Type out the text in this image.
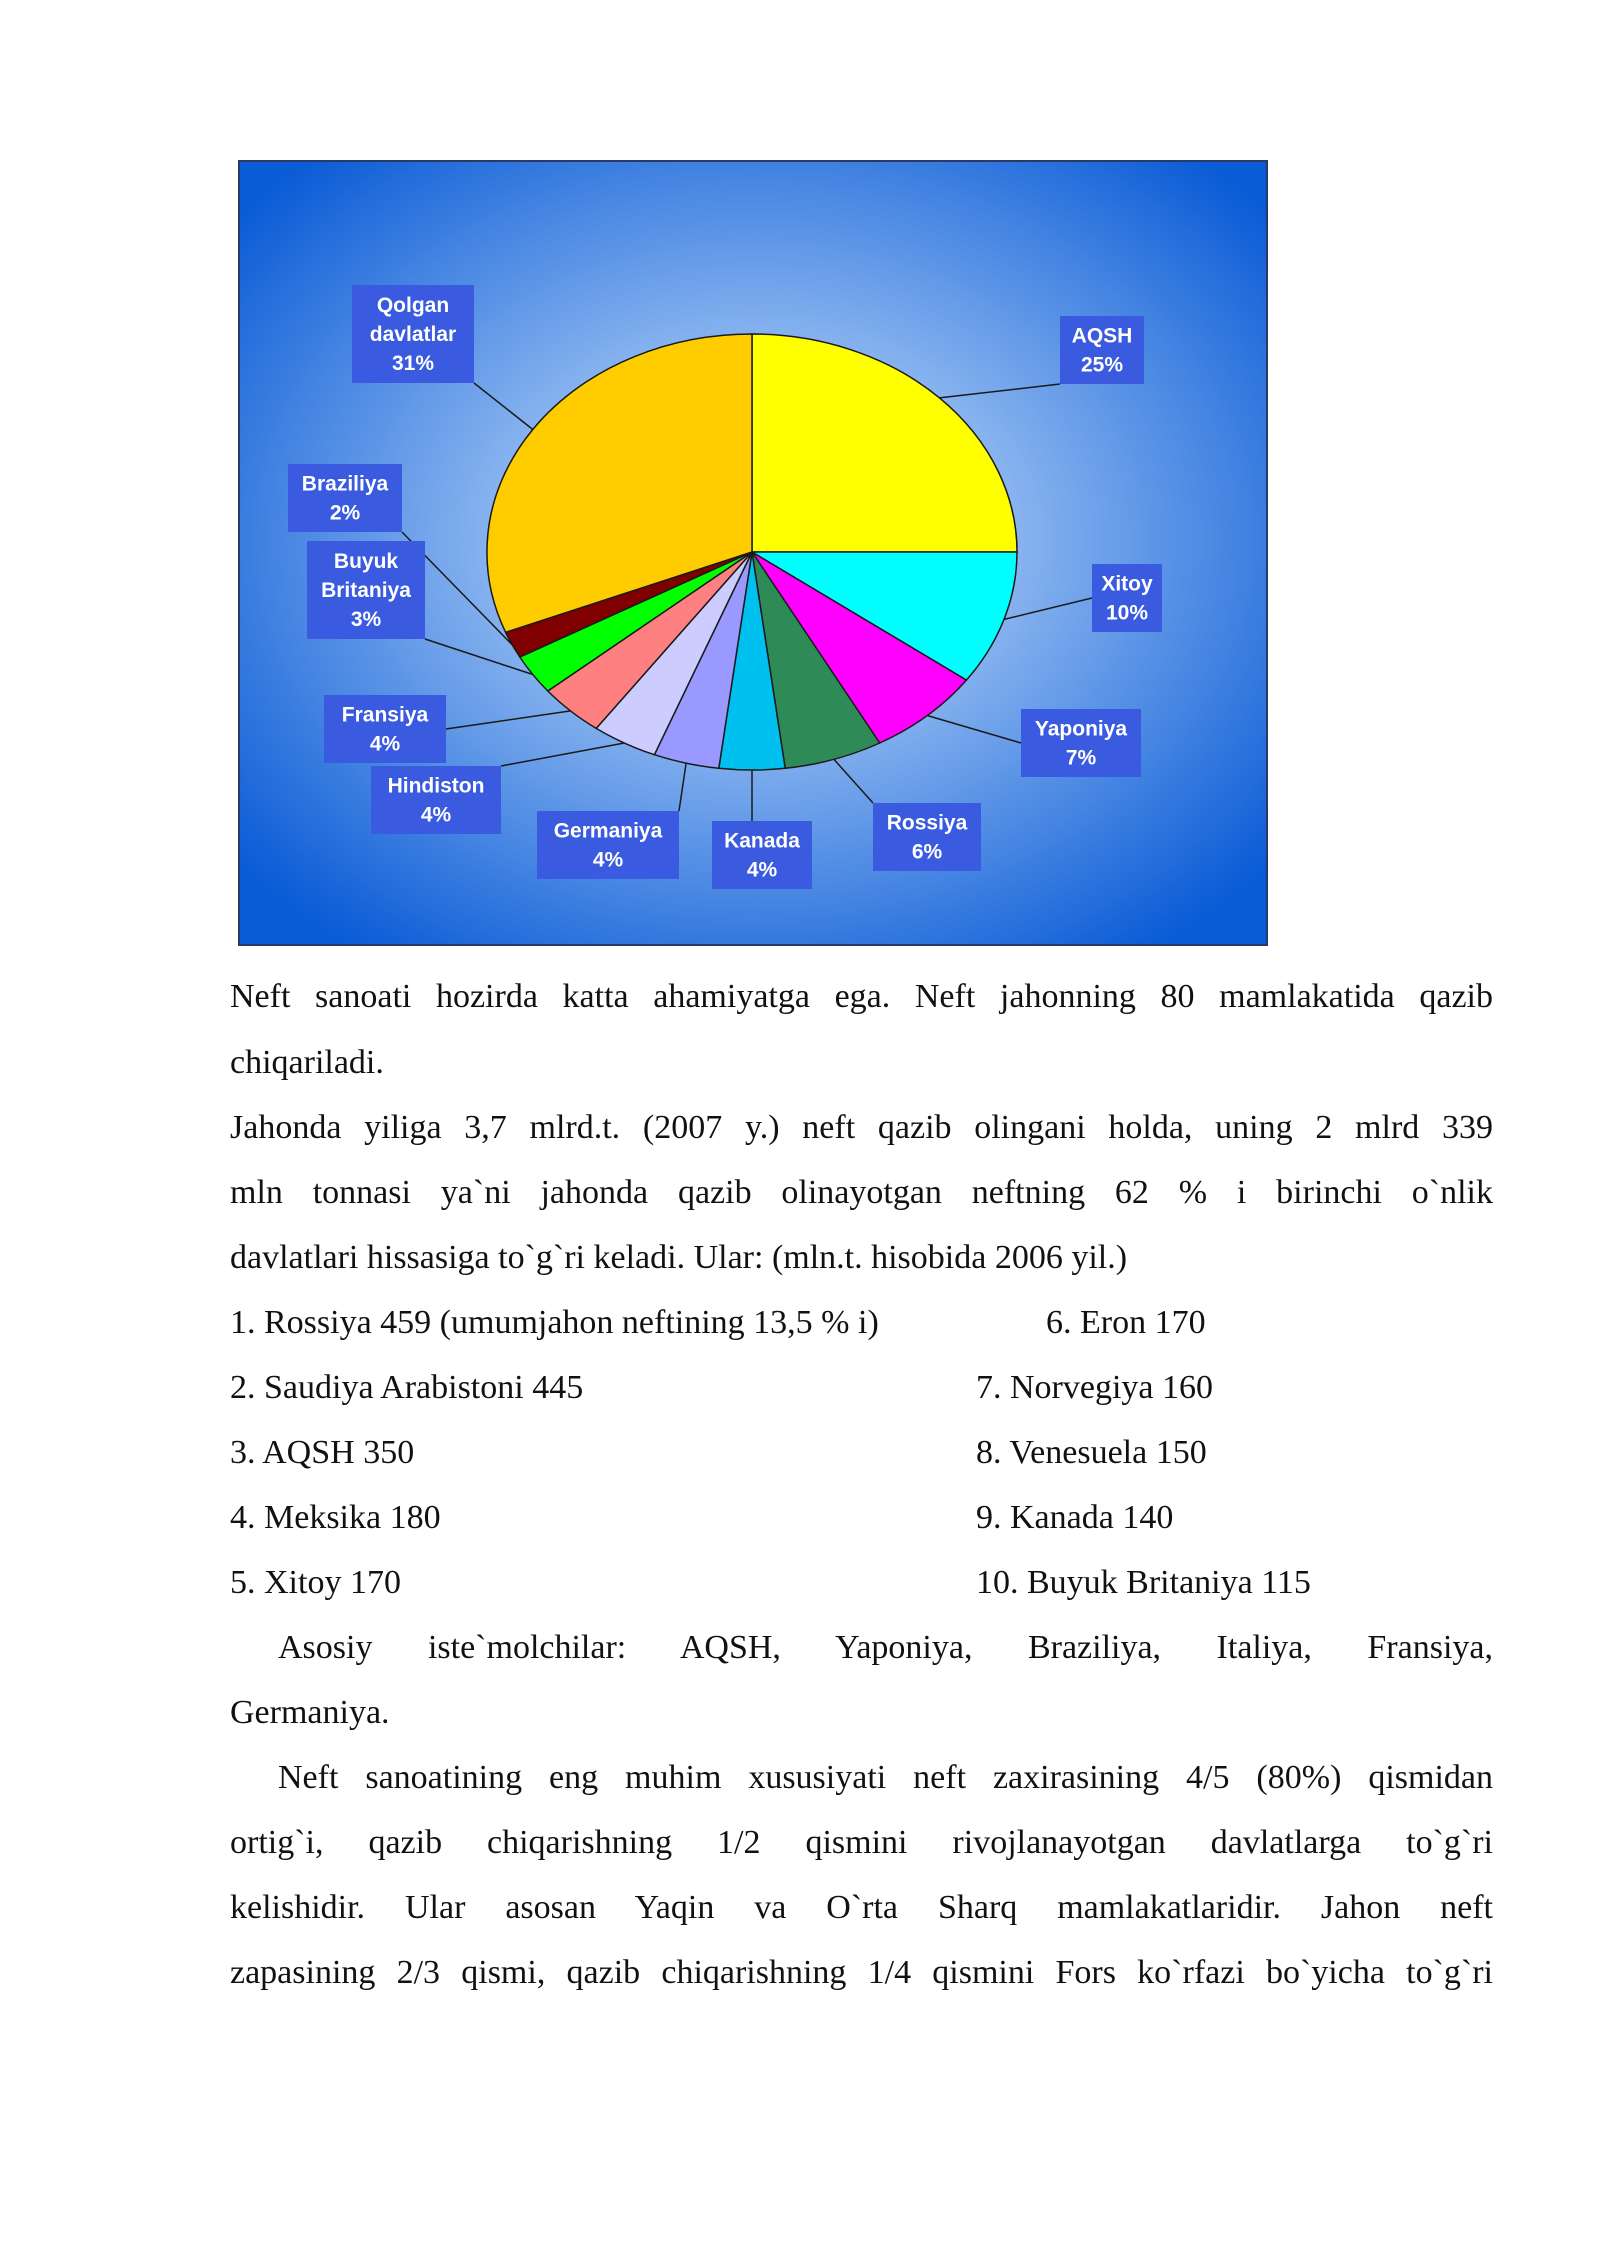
AQSH
25%
Xitoy
10%
Yaponiya
7%
Rossiya
6%
Kanada
4%
Germaniya
4%
Hindiston
4%
Fransiya
4%
Buyuk
Britaniya
3%
Braziliya
2%
Qolgan
davlatlar
31%
Neft sanoati hozirda katta ahamiyatga ega. Neft jahonning 80 mamlakatida qazib
chiqariladi.
Jahonda yiliga 3,7 mlrd.t. (2007 y.) neft qazib olingani holda, uning 2 mlrd 339
mln tonnasi ya`ni jahonda qazib olinayotgan neftning 62 % i birinchi o`nlik
davlatlari hissasiga to`g`ri keladi. Ular: (mln.t. hisobida 2006 yil.)
1. Rossiya 459 (umumjahon neftining 13,5 % i)	6. Eron 170
2. Saudiya Arabistoni 445	7. Norvegiya 160
3. AQSH 350	8. Venesuela 150
4. Meksika 180	9. Kanada 140
5. Xitoy 170	10. Buyuk Britaniya 115
Asosiy iste`molchilar: AQSH, Yaponiya, Braziliya, Italiya, Fransiya,
Germaniya.
Neft sanoatining eng muhim xususiyati neft zaxirasining 4/5 (80%) qismidan
ortig`i, qazib chiqarishning 1/2 qismini rivojlanayotgan davlatlarga to`g`ri
kelishidir. Ular asosan Yaqin va O`rta Sharq mamlakatlaridir. Jahon neft
zapasining 2/3 qismi, qazib chiqarishning 1/4 qismini Fors ko`rfazi bo`yicha to`g`ri
